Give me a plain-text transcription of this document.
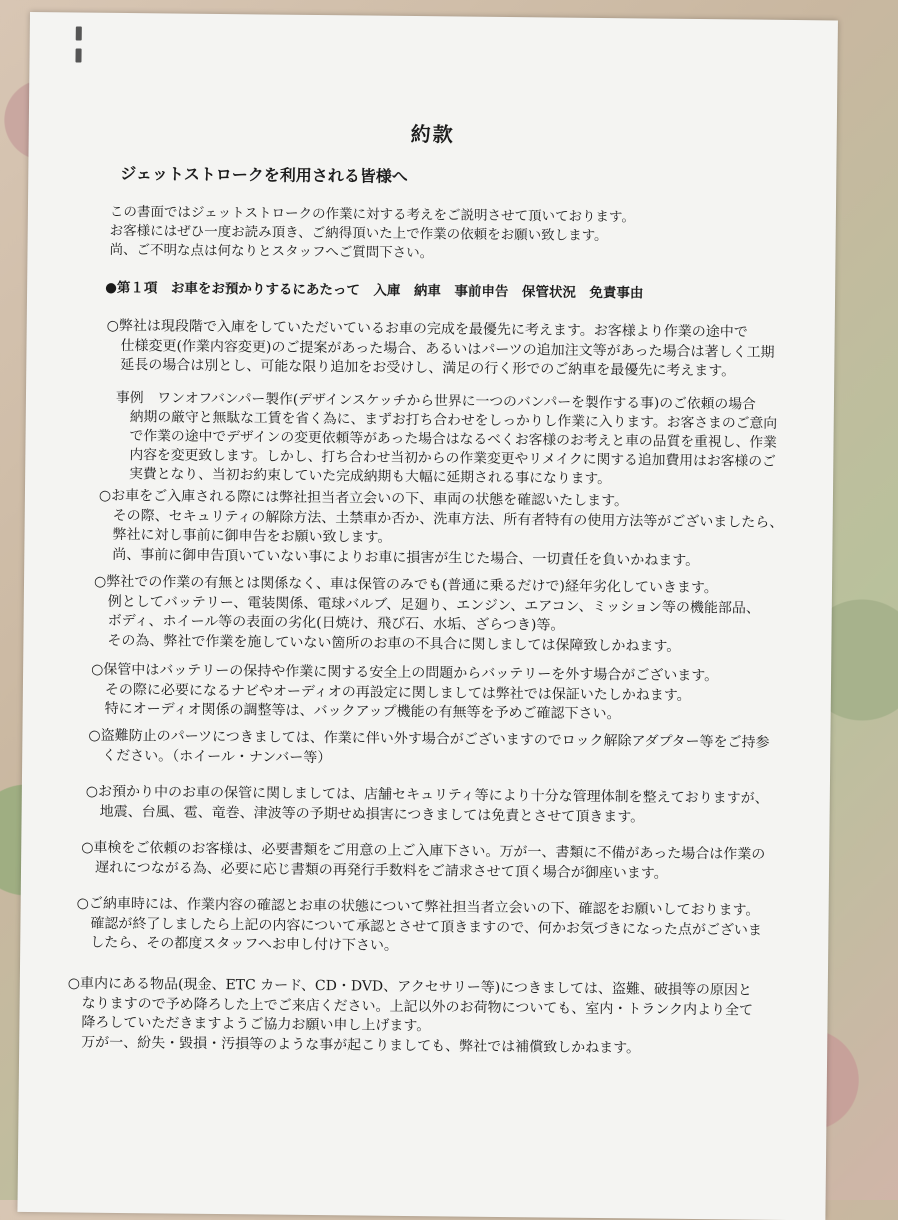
約款
ジェットストロークを利用される皆様へ
この書面ではジェットストロークの作業に対する考えをご説明させて頂いております。
お客様にはぜひ一度お読み頂き、ご納得頂いた上で作業の依頼をお願い致します。
尚、ご不明な点は何なりとスタッフへご質問下さい。
●第１項　お車をお預かりするにあたって　入庫　納車　事前申告　保管状況　免責事由
○弊社は現段階で入庫をしていただいているお車の完成を最優先に考えます。お客様より作業の途中で
仕様変更(作業内容変更)のご提案があった場合、あるいはパーツの追加注文等があった場合は著しく工期
延長の場合は別とし、可能な限り追加をお受けし、満足の行く形でのご納車を最優先に考えます。
事例　ワンオフバンパー製作(デザインスケッチから世界に一つのバンパーを製作する事)のご依頼の場合
納期の厳守と無駄な工賃を省く為に、まずお打ち合わせをしっかりし作業に入ります。お客さまのご意向
で作業の途中でデザインの変更依頼等があった場合はなるべくお客様のお考えと車の品質を重視し、作業
内容を変更致します。しかし、打ち合わせ当初からの作業変更やリメイクに関する追加費用はお客様のご
実費となり、当初お約束していた完成納期も大幅に延期される事になります。
○お車をご入庫される際には弊社担当者立会いの下、車両の状態を確認いたします。
その際、セキュリティの解除方法、土禁車か否か、洗車方法、所有者特有の使用方法等がございましたら、
弊社に対し事前に御申告をお願い致します。
尚、事前に御申告頂いていない事によりお車に損害が生じた場合、一切責任を負いかねます。
○弊社での作業の有無とは関係なく、車は保管のみでも(普通に乗るだけで)経年劣化していきます。
例としてバッテリー、電装関係、電球バルブ、足廻り、エンジン、エアコン、ミッション等の機能部品、
ボディ、ホイール等の表面の劣化(日焼け、飛び石、水垢、ざらつき)等。
その為、弊社で作業を施していない箇所のお車の不具合に関しましては保障致しかねます。
○保管中はバッテリーの保持や作業に関する安全上の問題からバッテリーを外す場合がございます。
その際に必要になるナビやオーディオの再設定に関しましては弊社では保証いたしかねます。
特にオーディオ関係の調整等は、バックアップ機能の有無等を予めご確認下さい。
○盗難防止のパーツにつきましては、作業に伴い外す場合がございますのでロック解除アダプター等をご持参
ください。（ホイール・ナンバー等）
○お預かり中のお車の保管に関しましては、店舗セキュリティ等により十分な管理体制を整えておりますが、
地震、台風、雹、竜巻、津波等の予期せぬ損害につきましては免責とさせて頂きます。
○車検をご依頼のお客様は、必要書類をご用意の上ご入庫下さい。万が一、書類に不備があった場合は作業の
遅れにつながる為、必要に応じ書類の再発行手数料をご請求させて頂く場合が御座います。
○ご納車時には、作業内容の確認とお車の状態について弊社担当者立会いの下、確認をお願いしております。
確認が終了しましたら上記の内容について承認とさせて頂きますので、何かお気づきになった点がございま
したら、その都度スタッフへお申し付け下さい。
○車内にある物品(現金、ETC カード、CD・DVD、アクセサリー等)につきましては、盗難、破損等の原因と
なりますので予め降ろした上でご来店ください。上記以外のお荷物についても、室内・トランク内より全て
降ろしていただきますようご協力お願い申し上げます。
万が一、紛失・毀損・汚損等のような事が起こりましても、弊社では補償致しかねます。
